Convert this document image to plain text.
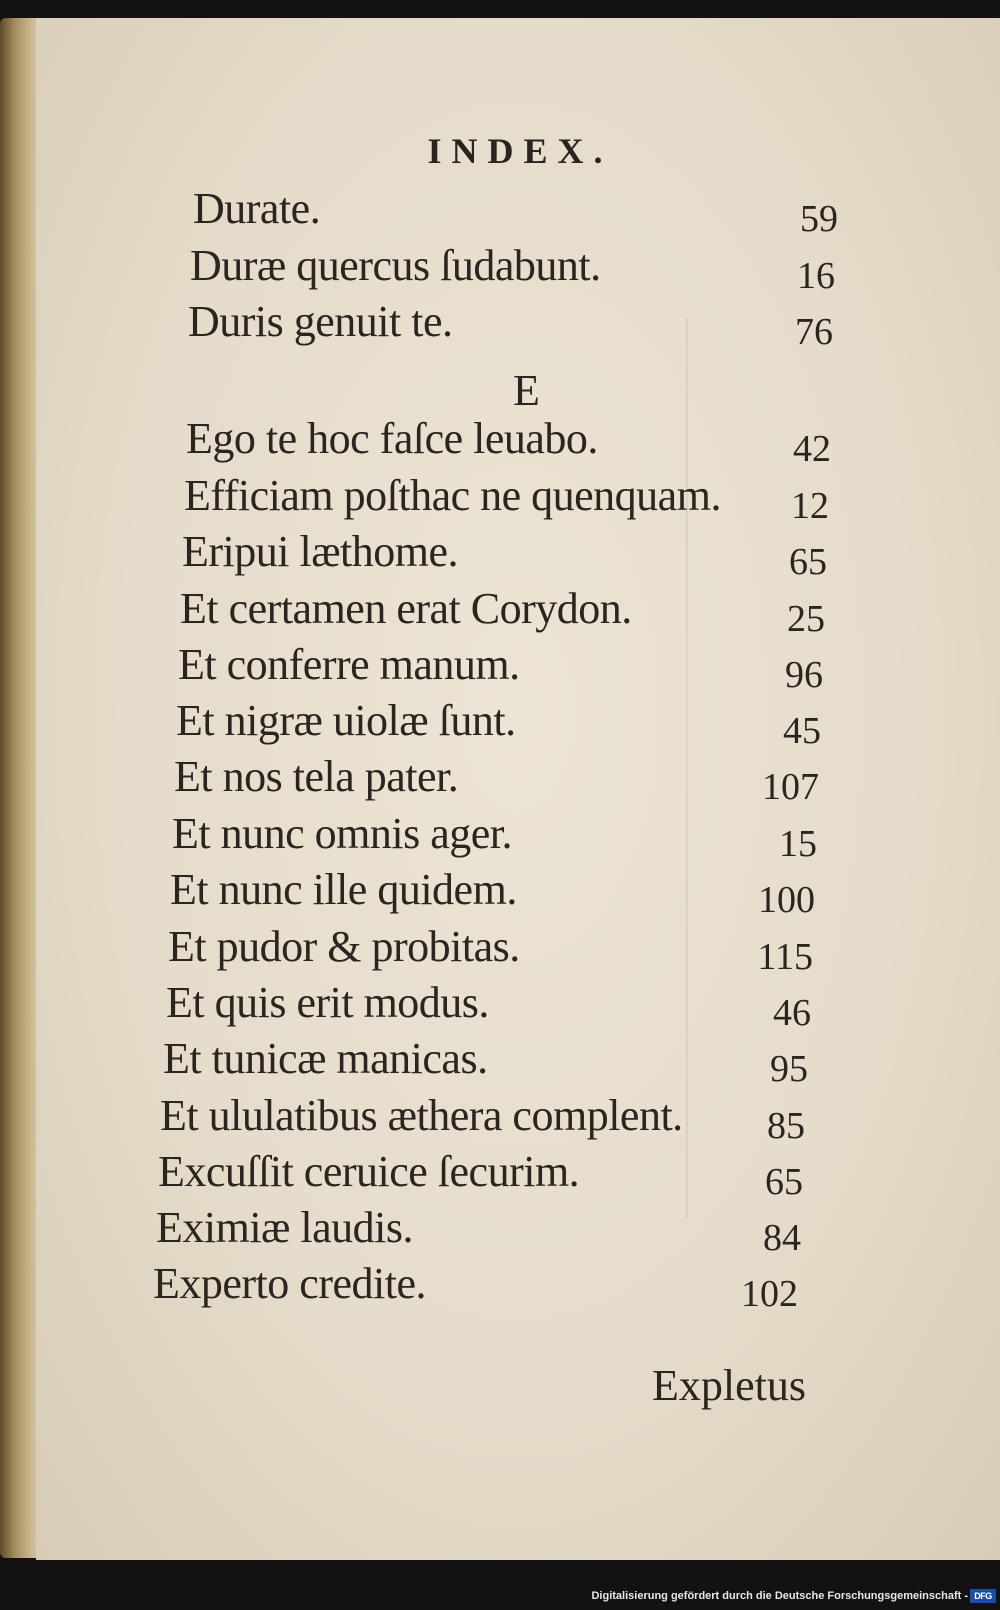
INDEX.
Durate.	59
Duræ quercus ſudabunt.	16
Duris genuit te.	76
E
Ego te hoc faſce leuabo.	42
Efficiam poſthac ne quenquam. 12
Eripui læthome.	65
Et certamen erat Corydon.	25
Et conferre manum.	96
Et nigræ uiolæ ſunt.	45
Et nos tela pater.	107
Et nunc omnis ager.	15
Et nunc ille quidem.	100
Et pudor & probitas.	115
Et quis erit modus.	46
Et tunicæ manicas.	95
Et ululatibus æthera complent. 85
Excuſſit ceruice ſecurim.	65
Eximiæ laudis.	84
Experto credite.	102
Expletus
Digitalisierung gefördert durch die Deutsche Forschungsgemeinschaft - DFG
